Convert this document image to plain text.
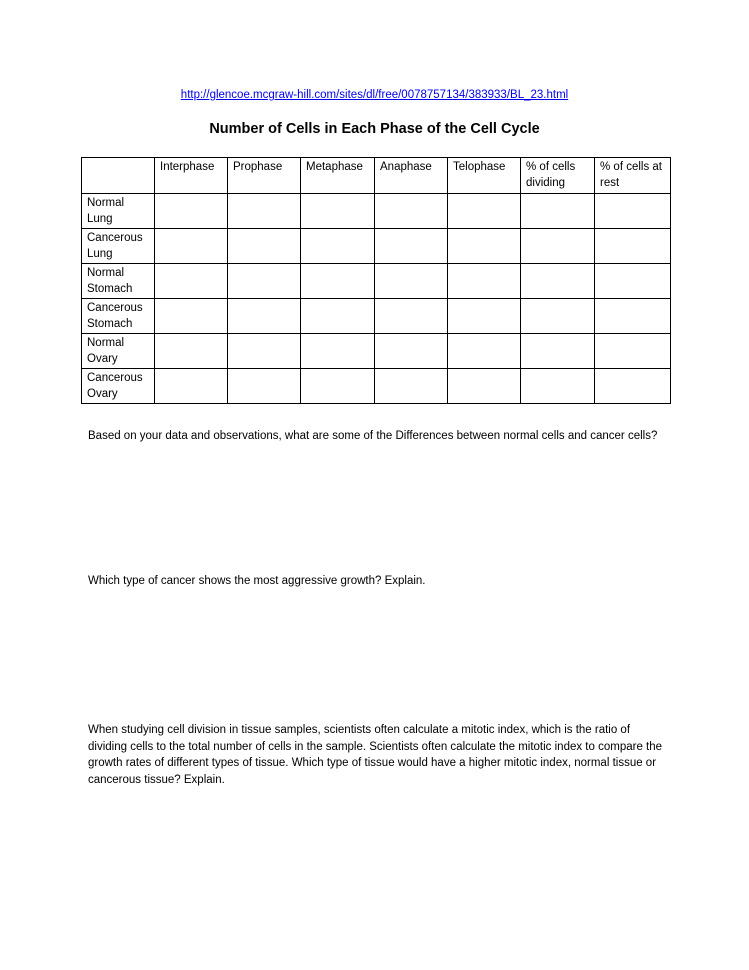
http://glencoe.mcgraw-hill.com/sites/dl/free/0078757134/383933/BL_23.html
Number of Cells in Each Phase of the Cell Cycle
	Interphase	Prophase	Metaphase	Anaphase	Telophase	% of cells dividing	% of cells at rest

Normal Lung							

Cancerous Lung							

Normal Stomach							

Cancerous Stomach							

Normal Ovary							

Cancerous Ovary							

Based on your data and observations, what are some of the Differences between normal cells and cancer cells?

Which type of cancer shows the most aggressive growth? Explain.

When studying cell division in tissue samples, scientists often calculate a mitotic index, which is the ratio of dividing cells to the total number of cells in the sample. Scientists often calculate the mitotic index to compare the growth rates of different types of tissue. Which type of tissue would have a higher mitotic index, normal tissue or cancerous tissue? Explain.
